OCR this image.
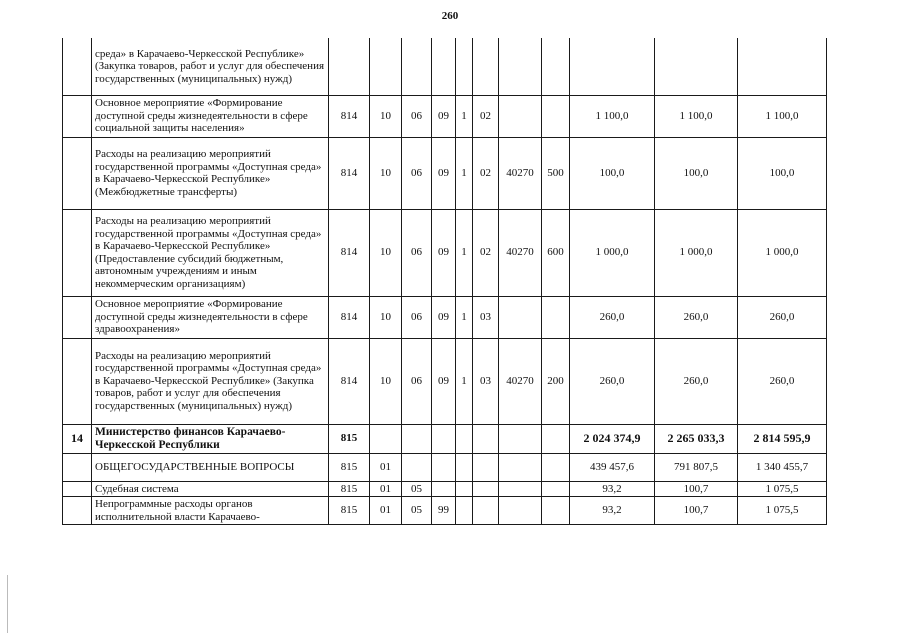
260
	среда» в Карачаево-Черкесской Республике» (Закупка товаров, работ и услуг для обеспечения государственных (муниципальных) нужд)											
	Основное мероприятие «Формирование доступной среды жизнедеятельности в сфере социальной защиты населения»	814	10	06	09	1	02			1 100,0	1 100,0	1 100,0
	Расходы на реализацию мероприятий государственной программы «Доступная среда» в Карачаево-Черкесской Республике» (Межбюджетные трансферты)	814	10	06	09	1	02	40270	500	100,0	100,0	100,0
	Расходы на реализацию мероприятий государственной программы «Доступная среда» в Карачаево-Черкесской Республике» (Предоставление субсидий бюджетным, автономным учреждениям и иным некоммерческим организациям)	814	10	06	09	1	02	40270	600	1 000,0	1 000,0	1 000,0
	Основное мероприятие «Формирование доступной среды жизнедеятельности в сфере здравоохранения»	814	10	06	09	1	03			260,0	260,0	260,0
	Расходы на реализацию мероприятий государственной программы «Доступная среда» в Карачаево-Черкесской Республике» (Закупка товаров, работ и услуг для обеспечения государственных (муниципальных) нужд)	814	10	06	09	1	03	40270	200	260,0	260,0	260,0
14	Министерство финансов Карачаево-Черкесской Республики	815								2 024 374,9	2 265 033,3	2 814 595,9
	ОБЩЕГОСУДАРСТВЕННЫЕ ВОПРОСЫ	815	01							439 457,6	791 807,5	1 340 455,7
	Судебная система	815	01	05						93,2	100,7	1 075,5
	Непрограммные расходы органов исполнительной власти Карачаево-	815	01	05	99					93,2	100,7	1 075,5
